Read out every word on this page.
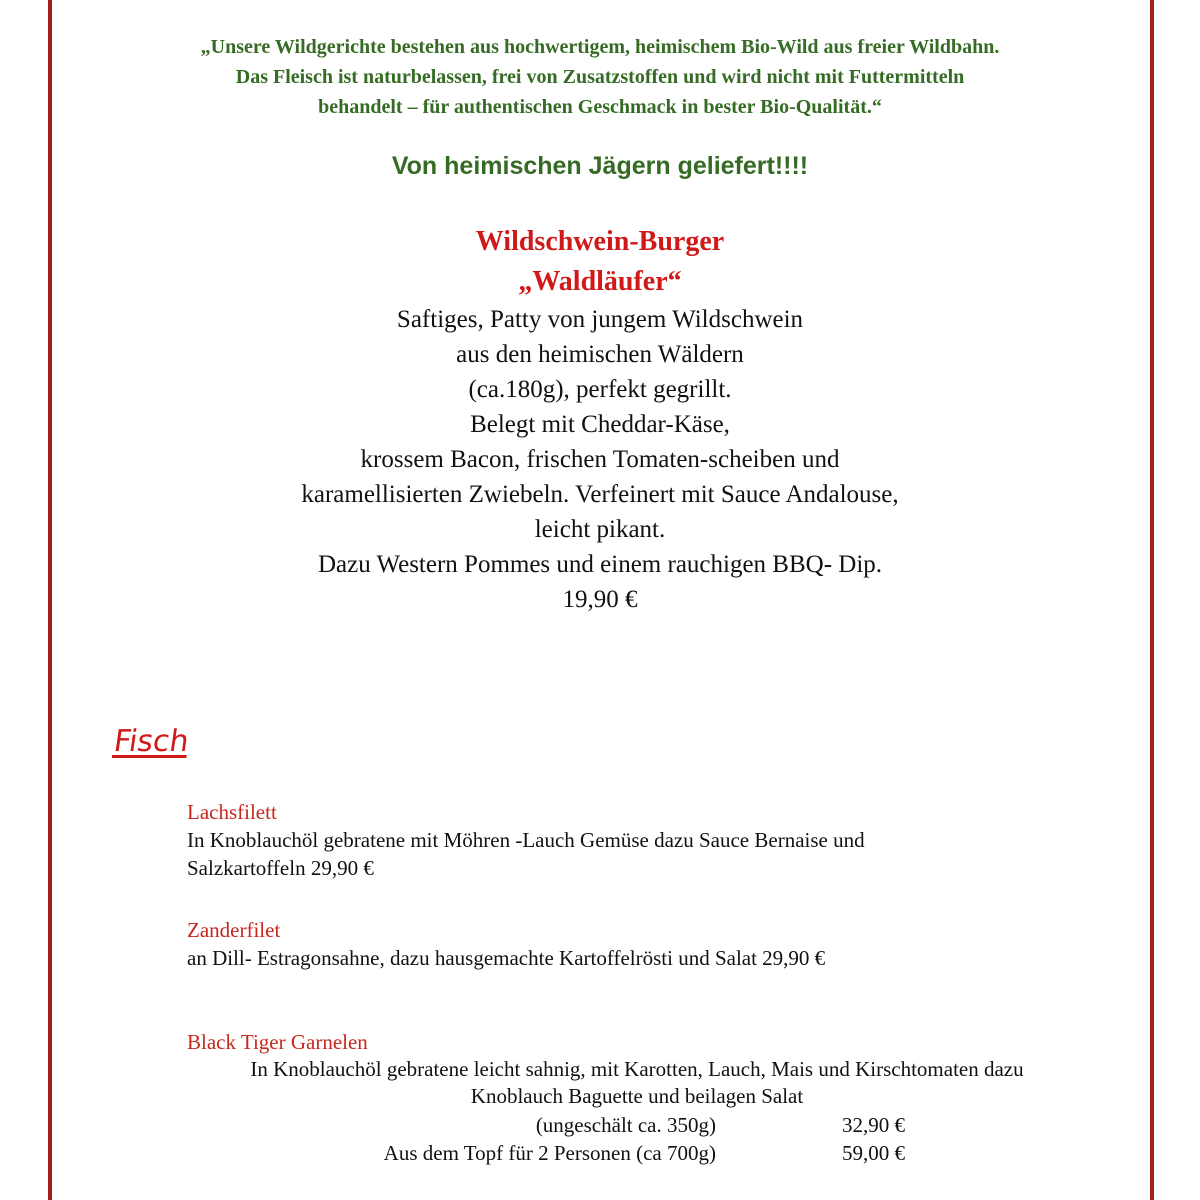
„Unsere Wildgerichte bestehen aus hochwertigem, heimischem Bio-Wild aus freier Wildbahn.
Das Fleisch ist naturbelassen, frei von Zusatzstoffen und wird nicht mit Futtermitteln
behandelt – für authentischen Geschmack in bester Bio-Qualität.“
Von heimischen Jägern geliefert!!!!
Wildschwein-Burger
„Waldläufer“
Saftiges, Patty von jungem Wildschwein
aus den heimischen Wäldern
(ca.180g), perfekt gegrillt.
Belegt mit Cheddar-Käse,
krossem Bacon, frischen Tomaten-scheiben und
karamellisierten Zwiebeln. Verfeinert mit Sauce Andalouse,
leicht pikant.
Dazu Western Pommes und einem rauchigen BBQ- Dip.
19,90 €
Fisch
Lachsfilett
In Knoblauchöl gebratene mit Möhren -Lauch Gemüse dazu Sauce Bernaise und
Salzkartoffeln 29,90 €
Zanderfilet
an Dill- Estragonsahne, dazu hausgemachte Kartoffelrösti und Salat 29,90 €
Black Tiger Garnelen
In Knoblauchöl gebratene leicht sahnig, mit Karotten, Lauch, Mais und Kirschtomaten dazu
Knoblauch Baguette und beilagen Salat
(ungeschält ca. 350g)	32,90 €
Aus dem Topf für 2 Personen (ca 700g)	59,00 €
